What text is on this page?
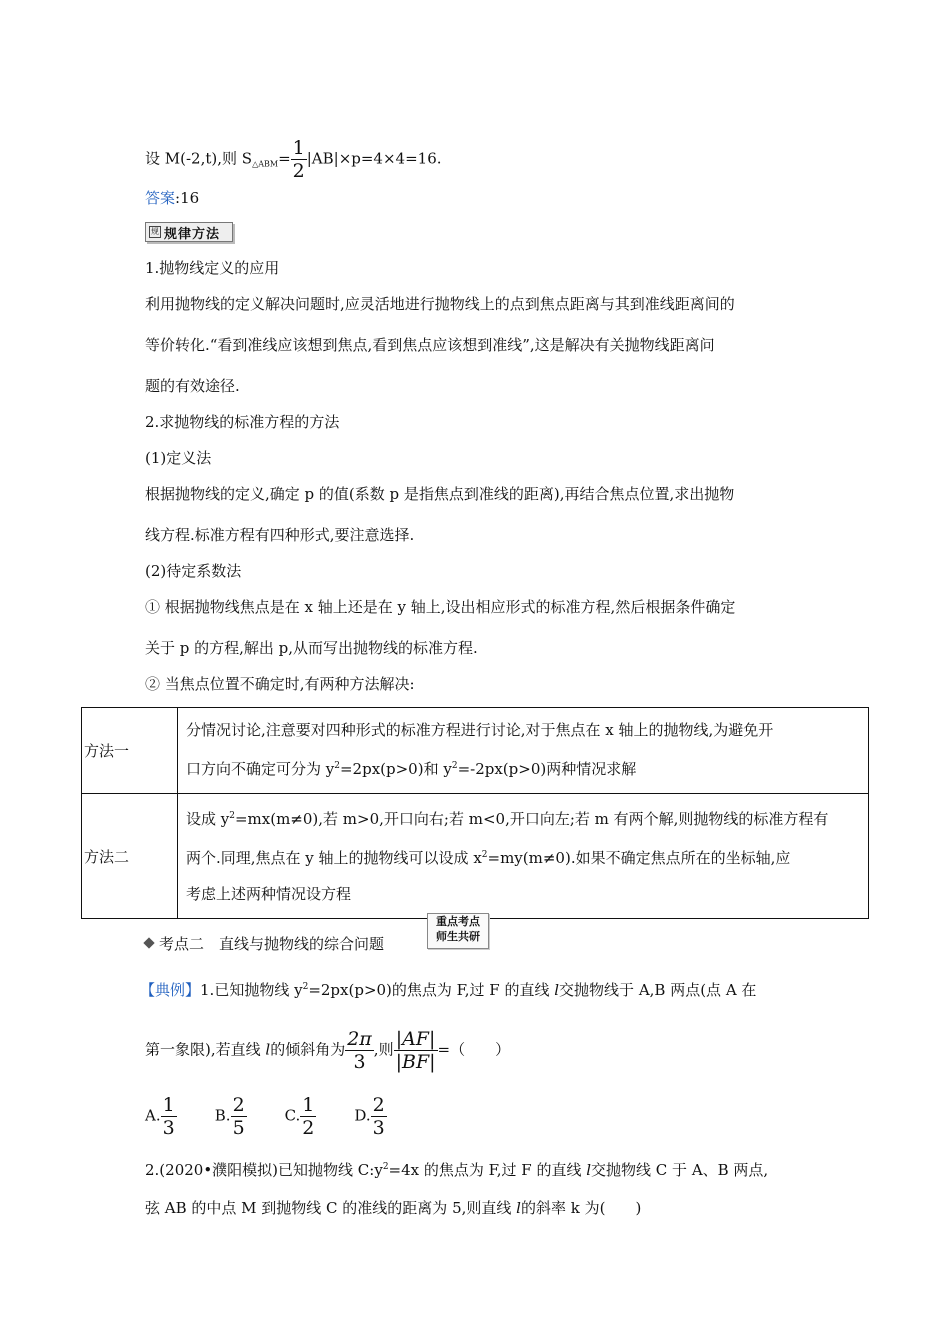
设 M(-2,t),则 $S_{\triangle ABM}= \frac{1}{2} |AB|\times p=4\times 4=16$.
答案:16
规 规律方法
1.抛物线定义的应用
利用抛物线的定义解决问题时,应灵活地进行抛物线上的点到焦点距离与其到准线距离间的
等价转化.“看到准线应该想到焦点,看到焦点应该想到准线”,这是解决有关抛物线距离问
题的有效途径.
2.求抛物线的标准方程的方法
(1)定义法
根据抛物线的定义,确定 p 的值(系数 p 是指焦点到准线的距离),再结合焦点位置,求出抛物
线方程.标准方程有四种形式,要注意选择.
(2)待定系数法
① 根据抛物线焦点是在 x 轴上还是在 y 轴上,设出相应形式的标准方程,然后根据条件确定
关于 p 的方程,解出 p,从而写出抛物线的标准方程.
② 当焦点位置不确定时,有两种方法解决:
方法一	分情况讨论,注意要对四种形式的标准方程进行讨论,对于焦点在 x 轴上的抛物线,为避免开
口方向不确定可分为 $y^2=2px(p>0)$和 $y^2=-2px(p>0)$两种情况求解

方法二	设成 $y^2=mx(m\ne 0)$,若 m>0,开口向右;若 m<0,开口向左;若 m 有两个解,则抛物线的标准方程有
两个.同理,焦点在 y 轴上的抛物线可以设成 $x^2=my(m\ne 0)$.如果不确定焦点所在的坐标轴,应
考虑上述两种情况设方程
考点二　直线与抛物线的综合问题
重点考点
师生共研
【典例】1.已知抛物线 $y^2=2px(p>0)$的焦点为 F,过 F 的直线 l交抛物线于 A,B 两点(点 A 在
第一象限),若直线 l的倾斜角为 $\frac{2\pi}{3}$ ,则 $\frac{|AF|}{|BF|}$ =（　　）
A. $\frac{1}{3}$	B. $\frac{2}{5}$	C. $\frac{1}{2}$	D. $\frac{2}{3}$
2.(2020•濮阳模拟)已知抛物线 $C:y^2=4x$ 的焦点为 F,过 F 的直线 l交抛物线 C 于 A、B 两点,
弦 AB 的中点 M 到抛物线 C 的准线的距离为 5,则直线 l的斜率 k 为(　　)
